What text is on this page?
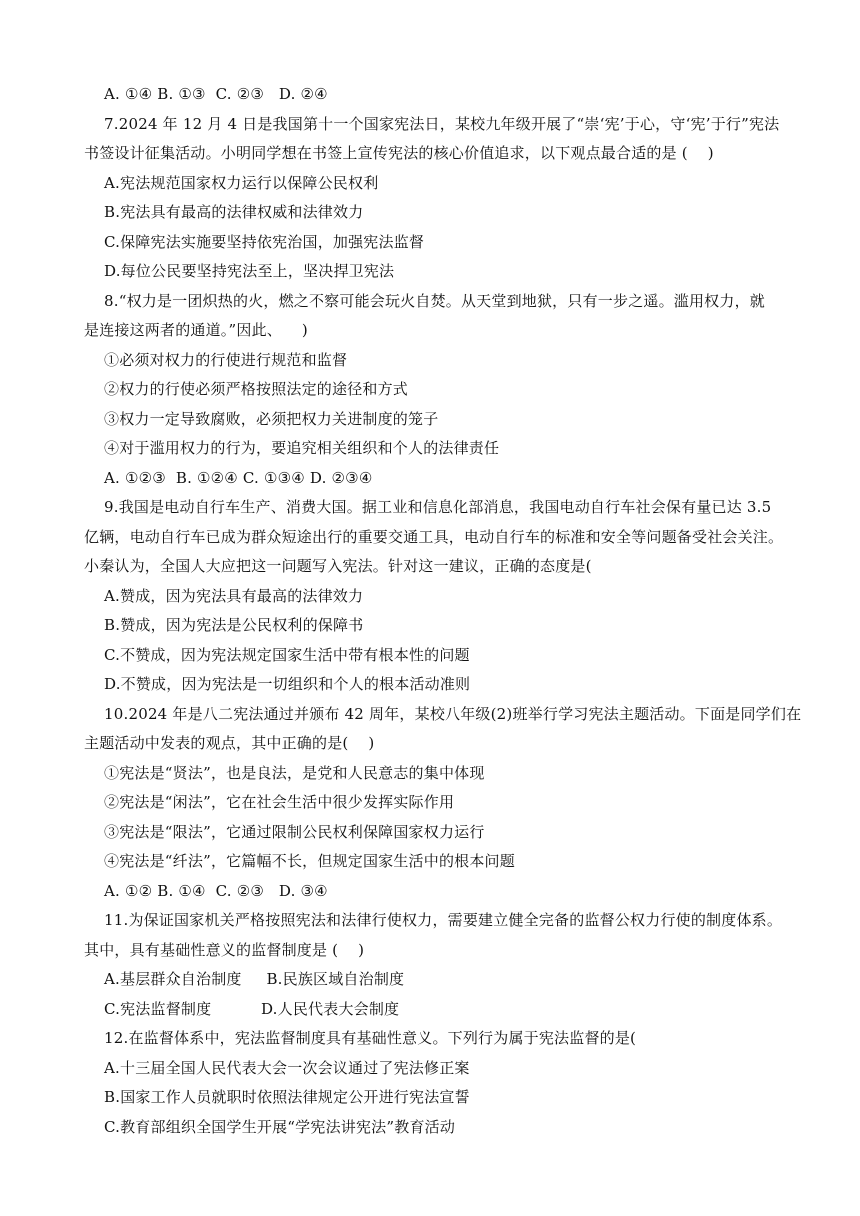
A. ①④ B. ①③  C. ②③   D. ②④
7.2024 年 12 月 4 日是我国第十一个国家宪法日，某校九年级开展了“崇‘宪’于心，守‘宪’于行”宪法
书签设计征集活动。小明同学想在书签上宣传宪法的核心价值追求，以下观点最合适的是 (    )
A.宪法规范国家权力运行以保障公民权利
B.宪法具有最高的法律权威和法律效力
C.保障宪法实施要坚持依宪治国，加强宪法监督
D.每位公民要坚持宪法至上，坚决捍卫宪法
8.“权力是一团炽热的火，燃之不察可能会玩火自焚。从天堂到地狱，只有一步之遥。滥用权力，就
是连接这两者的通道。”因此、    )
①必须对权力的行使进行规范和监督
②权力的行使必须严格按照法定的途径和方式
③权力一定导致腐败，必须把权力关进制度的笼子
④对于滥用权力的行为，要追究相关组织和个人的法律责任
A. ①②③  B. ①②④ C. ①③④ D. ②③④
9.我国是电动自行车生产、消费大国。据工业和信息化部消息，我国电动自行车社会保有量已达 3.5
亿辆，电动自行车已成为群众短途出行的重要交通工具，电动自行车的标准和安全等问题备受社会关注。
小秦认为，全国人大应把这一问题写入宪法。针对这一建议，正确的态度是(
A.赞成，因为宪法具有最高的法律效力
B.赞成，因为宪法是公民权利的保障书
C.不赞成，因为宪法规定国家生活中带有根本性的问题
D.不赞成，因为宪法是一切组织和个人的根本活动准则
10.2024 年是八二宪法通过并颁布 42 周年，某校八年级(2)班举行学习宪法主题活动。下面是同学们在
主题活动中发表的观点，其中正确的是(    )
①宪法是“贤法”，也是良法，是党和人民意志的集中体现
②宪法是“闲法”，它在社会生活中很少发挥实际作用
③宪法是“限法”，它通过限制公民权利保障国家权力运行
④宪法是“纤法”，它篇幅不长，但规定国家生活中的根本问题
A. ①② B. ①④  C. ②③   D. ③④
11.为保证国家机关严格按照宪法和法律行使权力，需要建立健全完备的监督公权力行使的制度体系。
其中，具有基础性意义的监督制度是 (    )
A.基层群众自治制度     B.民族区域自治制度
C.宪法监督制度          D.人民代表大会制度
12.在监督体系中，宪法监督制度具有基础性意义。下列行为属于宪法监督的是(
A.十三届全国人民代表大会一次会议通过了宪法修正案
B.国家工作人员就职时依照法律规定公开进行宪法宣誓
C.教育部组织全国学生开展“学宪法讲宪法”教育活动
